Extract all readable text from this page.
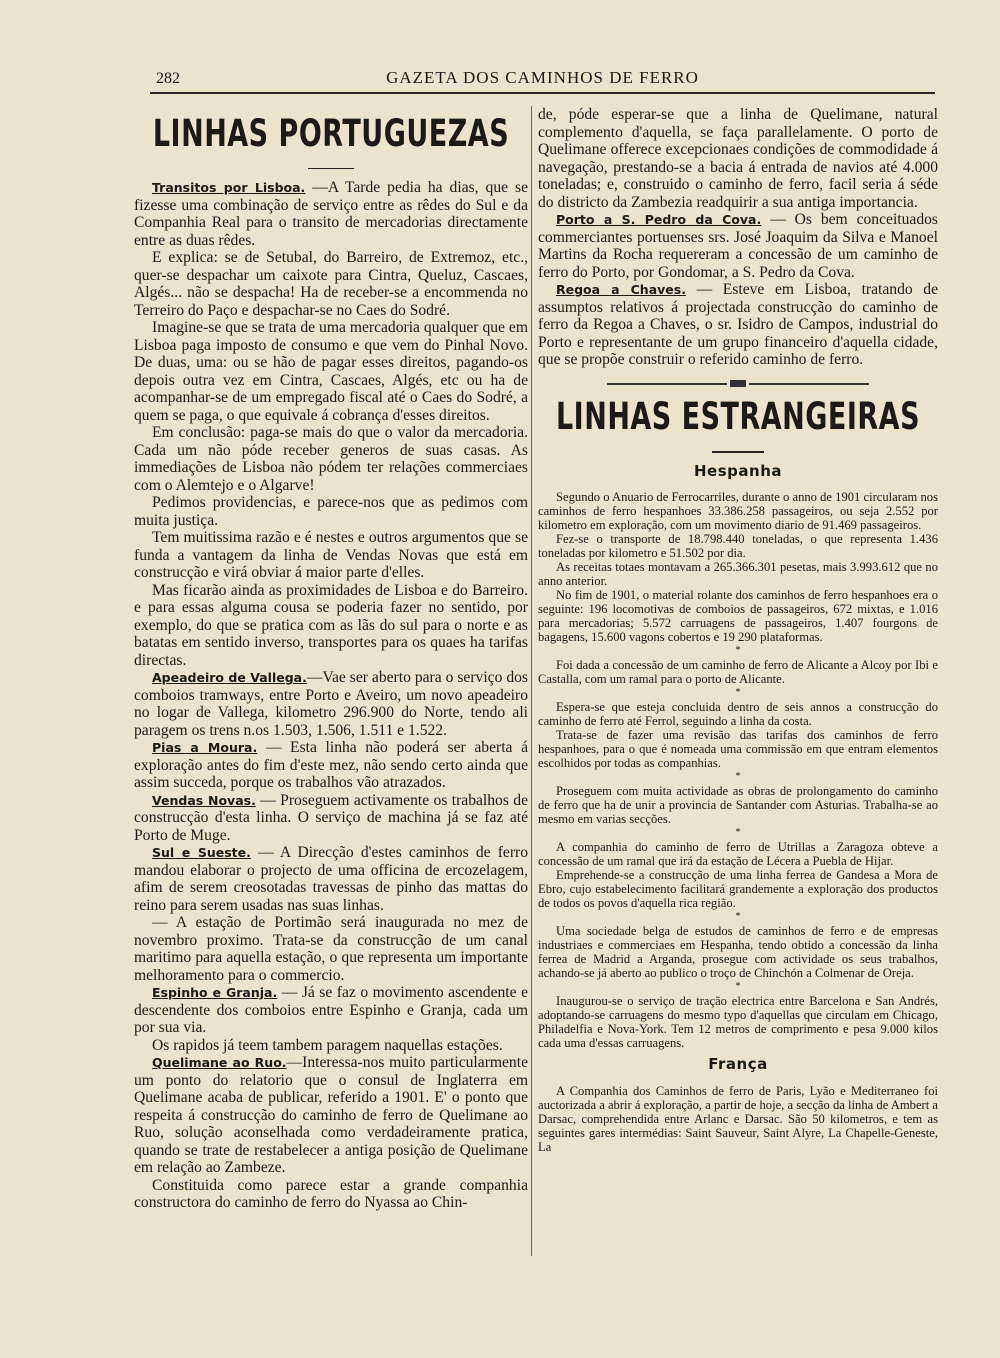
282	GAZETA DOS CAMINHOS DE FERRO
LINHAS PORTUGUEZAS

Transitos por Lisboa. —A Tarde pedia ha dias, que se fizesse uma combinação de serviço entre as rêdes do Sul e da Companhia Real para o transito de mercadorias directamente entre as duas rêdes.

E explica: se de Setubal, do Barreiro, de Extremoz, etc., quer-se despachar um caixote para Cintra, Queluz, Cascaes, Algés... não se despacha! Ha de receber-se a encommenda no Terreiro do Paço e despachar-se no Caes do Sodré.

Imagine-se que se trata de uma mercadoria qualquer que em Lisboa paga imposto de consumo e que vem do Pinhal Novo. De duas, uma: ou se hão de pagar esses direitos, pagando-os depois outra vez em Cintra, Cascaes, Algés, etc ou ha de acompanhar-se de um empregado fiscal até o Caes do Sodré, a quem se paga, o que equivale á cobrança d'esses direitos.

Em conclusão: paga-se mais do que o valor da mercadoria. Cada um não póde receber generos de suas casas. As immediações de Lisboa não pódem ter relações commerciaes com o Alemtejo e o Algarve!

Pedimos providencias, e parece-nos que as pedimos com muita justiça.

Tem muitissima razão e é nestes e outros argumentos que se funda a vantagem da linha de Vendas Novas que está em construcção e virá obviar á maior parte d'elles.

Mas ficarão ainda as proximidades de Lisboa e do Barreiro. e para essas alguma cousa se poderia fazer no sentido, por exemplo, do que se pratica com as lãs do sul para o norte e as batatas em sentido inverso, transportes para os quaes ha tarifas directas.

Apeadeiro de Vallega.—Vae ser aberto para o serviço dos comboios tramways, entre Porto e Aveiro, um novo apeadeiro no logar de Vallega, kilometro 296.900 do Norte, tendo ali paragem os trens n.os 1.503, 1.506, 1.511 e 1.522.

Pias a Moura. — Esta linha não poderá ser aberta á exploração antes do fim d'este mez, não sendo certo ainda que assim succeda, porque os trabalhos vão atrazados.

Vendas Novas. — Proseguem activamente os trabalhos de construcção d'esta linha. O serviço de machina já se faz até Porto de Muge.

Sul e Sueste. — A Direcção d'estes caminhos de ferro mandou elaborar o projecto de uma officina de ercozelagem, afim de serem creosotadas travessas de pinho das mattas do reino para serem usadas nas suas linhas.

— A estação de Portimão será inaugurada no mez de novembro proximo. Trata-se da construcção de um canal maritimo para aquella estação, o que representa um importante melhoramento para o commercio.

Espinho e Granja. — Já se faz o movimento ascendente e descendente dos comboios entre Espinho e Granja, cada um por sua via.

Os rapidos já teem tambem paragem naquellas estações.

Quelimane ao Ruo.—Interessa-nos muito particularmente um ponto do relatorio que o consul de Inglaterra em Quelimane acaba de publicar, referido a 1901. E' o ponto que respeita á construcção do caminho de ferro de Quelimane ao Ruo, solução aconselhada como verdadeiramente pratica, quando se trate de restabelecer a antiga posição de Quelimane em relação ao Zambeze.

Constituida como parece estar a grande companhia constructora do caminho de ferro do Nyassa ao Chin-

de, póde esperar-se que a linha de Quelimane, natural complemento d'aquella, se faça parallelamente. O porto de Quelimane offerece excepcionaes condições de commodidade á navegação, prestando-se a bacia á entrada de navios até 4.000 toneladas; e, construido o caminho de ferro, facil seria á séde do districto da Zambezia readquirir a sua antiga importancia.

Porto a S. Pedro da Cova. — Os bem conceituados commerciantes portuenses srs. José Joaquim da Silva e Manoel Martins da Rocha requereram a concessão de um caminho de ferro do Porto, por Gondomar, a S. Pedro da Cova.

Regoa a Chaves. — Esteve em Lisboa, tratando de assumptos relativos á projectada construcção do caminho de ferro da Regoa a Chaves, o sr. Isidro de Campos, industrial do Porto e representante de um grupo financeiro d'aquella cidade, que se propõe construir o referido caminho de ferro.

LINHAS ESTRANGEIRAS
Hespanha

Segundo o Anuario de Ferrocarriles, durante o anno de 1901 circularam nos caminhos de ferro hespanhoes 33.386.258 passageiros, ou seja 2.552 por kilometro em exploração, com um movimento diario de 91.469 passageiros.

Fez-se o transporte de 18.798.440 toneladas, o que representa 1.436 toneladas por kilometro e 51.502 por dia.

As receitas totaes montavam a 265.366.301 pesetas, mais 3.993.612 que no anno anterior.

No fim de 1901, o material rolante dos caminhos de ferro hespanhoes era o seguinte: 196 locomotivas de comboios de passageiros, 672 mixtas, e 1.016 para mercadorias; 5.572 carruagens de passageiros, 1.407 fourgons de bagagens, 15.600 vagons cobertos e 19 290 plataformas.

*

Foi dada a concessão de um caminho de ferro de Alicante a Alcoy por Ibi e Castalla, com um ramal para o porto de Alicante.

*

Espera-se que esteja concluida dentro de seis annos a construcção do caminho de ferro até Ferrol, seguindo a linha da costa.

Trata-se de fazer uma revisão das tarifas dos caminhos de ferro hespanhoes, para o que é nomeada uma commissão em que entram elementos escolhidos por todas as companhias.

*

Proseguem com muita actividade as obras de prolongamento do caminho de ferro que ha de unir a provincia de Santander com Asturias. Trabalha-se ao mesmo em varias secções.

*

A companhia do caminho de ferro de Utrillas a Zaragoza obteve a concessão de um ramal que irá da estação de Lécera a Puebla de Hijar.

Emprehende-se a construcção de uma linha ferrea de Gandesa a Mora de Ebro, cujo estabelecimento facilitará grandemente a exploração dos productos de todos os povos d'aquella rica região.

*

Uma sociedade belga de estudos de caminhos de ferro e de empresas industriaes e commerciaes em Hespanha, tendo obtido a concessão da linha ferrea de Madrid a Arganda, prosegue com actividade os seus trabalhos, achando-se já aberto ao publico o troço de Chinchón a Colmenar de Oreja.

*

Inaugurou-se o serviço de tração electrica entre Barcelona e San Andrés, adoptando-se carruagens do mesmo typo d'aquellas que circulam em Chicago, Philadelfia e Nova-York. Tem 12 metros de comprimento e pesa 9.000 kilos cada uma d'essas carruagens.

França

A Companhia dos Caminhos de ferro de Paris, Lyão e Mediterraneo foi auctorizada a abrir á exploração, a partir de hoje, a secção da linha de Ambert a Darsac, comprehendida entre Arlanc e Darsac. São 50 kilometros, e tem as seguintes gares intermédias: Saint Sauveur, Saint Alyre, La Chapelle-Geneste, La
